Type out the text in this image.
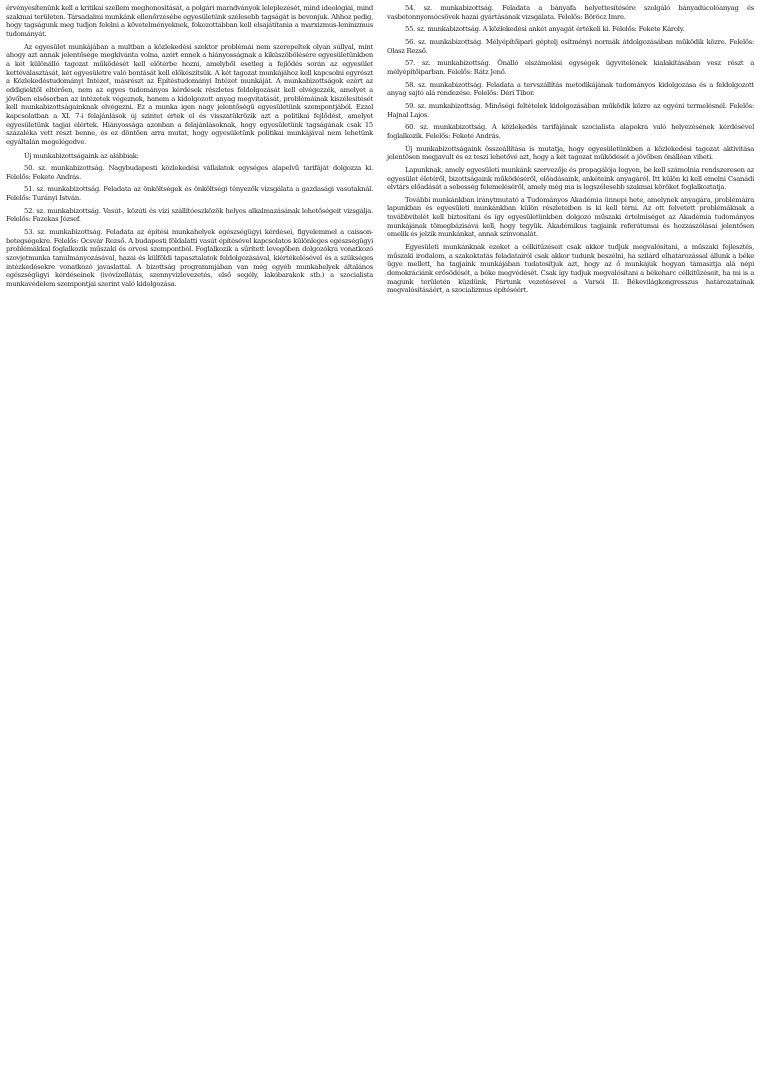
érvényesítenünk kell a kritikai szellem meghonosítását, a polgári maradványok leleplezését, mind ideológiai, mind szakmai területen. Társadalmi munkánk ellenőrzésébe egyesületünk szélesebb tagságát is bevonjuk. Ahhoz pedig, hogy tagságunk meg tudjon felelni a követelményeknek, fokozottabban kell elsajátítania a marxizmus-leninizmus tudományát.

Az egyesület munkájában a multban a közlekedési szektor problémái nem szerepeltek olyan súllyal, mint ahogy azt annak jelentősége megkívánta volna, azért ennek a hiányosságnak a kiküszöbölésére egyesületünkben a két különálló tagozat működését kell előtérbe hozni, amelyből esetleg a fejlődés során az egyesület kettéválasztását, két egyesületre való bontását kell előkészítsük. A két tagozat munkájához kell kapcsolni egyrészt a Közlekedéstudományi Intézet, másrészt az Építéstudományi Intézet munkáját. A munkabizottságok ezért az eddigiektől eltérően, nem az egyes tudományos kérdések részletes feldolgozását kell elvégezzék, amelyet a jövőben elsősorban az intézetek végeznek, hanem a kidolgozott anyag megvitatását, problémáinak kiszélesítését kell munkabizottságainknak elvégezni. Ez a munka igen nagy jelentőségű egyesületünk szempontjából. Ezzel kapcsolatban a XI. 7-i felajánlások új szintet értek el és visszatükrözik azt a politikai fejlődést, amelyet egyesületünk tagjai elértek. Hiányossága azonban a felajánlásoknak, hogy egyesületünk tagságának csak 15 százaléka vett részt benne, és ez döntően arra mutat, hogy egyesületünk politikai munkájával nem lehetünk egyáltalán megelégedve.

Új munkabizottságaink az alábbiak:

50. sz. munkabizottság. Nagybudapesti közlekedési vállalatok egységes alapelvű tarifáját dolgozza ki. Felelős: Fekete András.

51. sz. munkabizottság. Feladata az önköltségek és önköltségi tényezők vizsgálata a gazdasági vasutaknál. Felelős: Turányi István.

52. sz. munkabizottság. Vasút-, közúti és vízi szállítóeszközök helyes alkalmazásának lehetőségeit vizsgálja. Felelős: Fazekas József.

53. sz. munkabizottság. Feladata az építési munkahelyek egészségügyi kérdései, figyelemmel a caisson-betegségekre. Felelős: Ocsvár Rezső. A budapesti földalatti vasút építésével kapcsolatos különleges egészségügyi problémákkal foglalkozik műszaki és orvosi szempontból. Foglalkozik a sűrített levegőben dolgozókra vonatkozó szovjetmunka tanulmányozásával, hazai és külföldi tapasztalatok feldolgozásával, kiértékelésével és a szükséges intézkedésekre vonatkozó javaslattal. A bizottság programmjában van még egyéb munkahelyek általános egészségügyi kérdéseinek (ivóvízellátás, szennyvízlevezetés, első segély, lakóbarakok stb.) a szocialista munkavédelem szempontjai szerint való kidolgozása.

54. sz. munkabizottság. Feladata a bányafa helyettesítésére szolgáló bányadúcolóanyag és vasbetonnyomócsövek hazai gyártásának vizsgálata. Felelős: Böröcz Imre.

55. sz. munkabizottság. A közlekedési ankét anyagát értékeli ki. Felelős: Fekete Károly.

56. sz. munkabizottság. Mélyépítőipari géptelj esítményi normák átdolgozásában működik közre. Felelős: Olasz Rezső.

57. sz. munkabizottság. Önálló elszámolási egységek ügyvitelének kialakításában vesz részt a mélyépítőiparban. Felelős: Rátz Jenő.

58. sz. munkabizottság. Feladata a tervszállítás metodikájának tudományos kidolgozása és a feldolgozott anyag sajtó alá rendezése. Felelős: Déri Tibor.

59. sz. munkabizottság. Minőségi feltételek kidolgozásában működik közre az egyéni termelésnél. Felelős: Hajnal Lajos.

60. sz. munkabizottság. A közlekedés tarifájának szocialista alapokra való helyezésének kérdésével foglalkozik. Felelős: Fekete András.

Új munkabizottságaink összeállítása is mutatja, hogy egyesületünkben a közlekedési tagozat aktivitása jelentősen megjavult és ez teszi lehetővé azt, hogy a két tagozat működését a jövőben önállóan viheti.

Lapunknak, amely egyesületi munkánk szervezője és propagálója legyen, be kell számolnia rendszeresen az egyesület életéről, bizottságaink működéséről, előadásaink, ankéteink anyagáról. Itt külön ki kell emelni Csanádi elvtárs előadását a sebesség felemeléséről, amely még ma is legszélesebb szakmai köröket foglalkoztatja.

További munkánkban iránytmutató a Tudományos Akadémia ünnepi hete, amelynek anyagára, problémáira lapunkban és egyesületi munkánkban külön részleteiben is ki kell térni. Az ott felvetett problémáknak a továbbvitelét kell biztosítani és így egyesületünkben dolgozó műszaki értelmiséget az Akadémia tudományos munkájának tömegbázisává kell, hogy tegyük. Akadémikus tagjaink referátumai és hozzászólásai jelentősen emelik és jelzik munkánkat, annak színvonalát.

Egyesületi munkánknak ezeket a célkitűzéseit csak akkor tudjuk megvalósítani, a műszaki fejlesztés, műszaki irodalom, a szakoktatás feladatairól csak akkor tudunk beszélni, ha szilárd elhatározással állunk a béke ügye mellett, ha tagjaink munkájában tudatosítjuk azt, hogy az ő munkájuk hogyan támasztja alá népi demokráciánk erősödését, a béke megvédését. Csak így tudjuk megvalósítani a békeharc célkitűzéseit, ha mi is a magunk területén küzdünk, Pártunk vezetésével a Varsói II. Békevilágkongresszus határozatainak megvalósításáért, a szocializmus építéséért.
